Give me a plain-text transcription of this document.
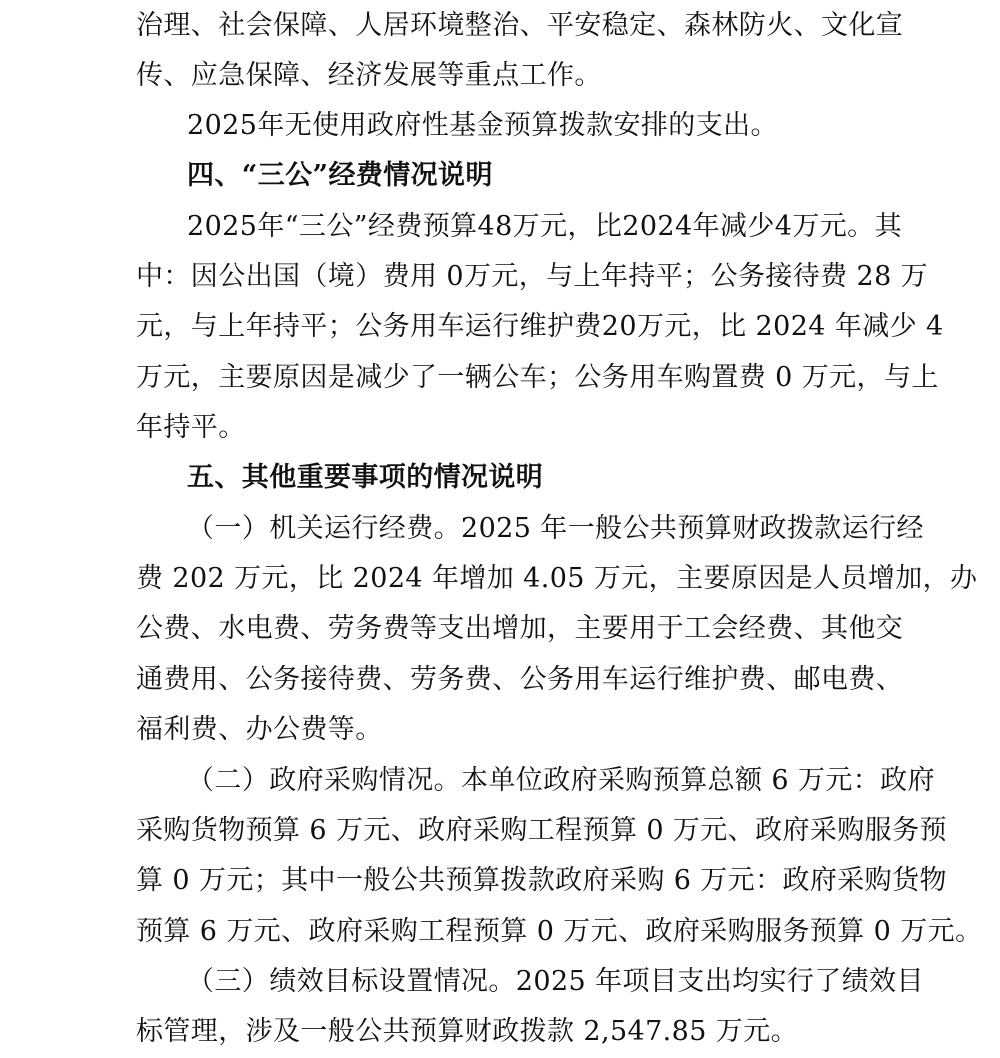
治理、社会保障、人居环境整治、平安稳定、森林防火、文化宣
传、应急保障、经济发展等重点工作。
2025年无使用政府性基金预算拨款安排的支出。
四、“三公”经费情况说明
2025年“三公”经费预算48万元，比2024年减少4万元。其
中：因公出国（境）费用 0万元，与上年持平；公务接待费 28 万
元，与上年持平；公务用车运行维护费20万元，比 2024 年减少 4
万元，主要原因是减少了一辆公车；公务用车购置费 0 万元，与上
年持平。
五、其他重要事项的情况说明
（一）机关运行经费。2025 年一般公共预算财政拨款运行经
费 202 万元，比 2024 年增加 4.05 万元，主要原因是人员增加，办
公费、水电费、劳务费等支出增加，主要用于工会经费、其他交
通费用、公务接待费、劳务费、公务用车运行维护费、邮电费、
福利费、办公费等。
（二）政府采购情况。本单位政府采购预算总额 6 万元：政府
采购货物预算 6 万元、政府采购工程预算 0 万元、政府采购服务预
算 0 万元；其中一般公共预算拨款政府采购 6 万元：政府采购货物
预算 6 万元、政府采购工程预算 0 万元、政府采购服务预算 0 万元。
（三）绩效目标设置情况。2025 年项目支出均实行了绩效目
标管理，涉及一般公共预算财政拨款 2,547.85 万元。
